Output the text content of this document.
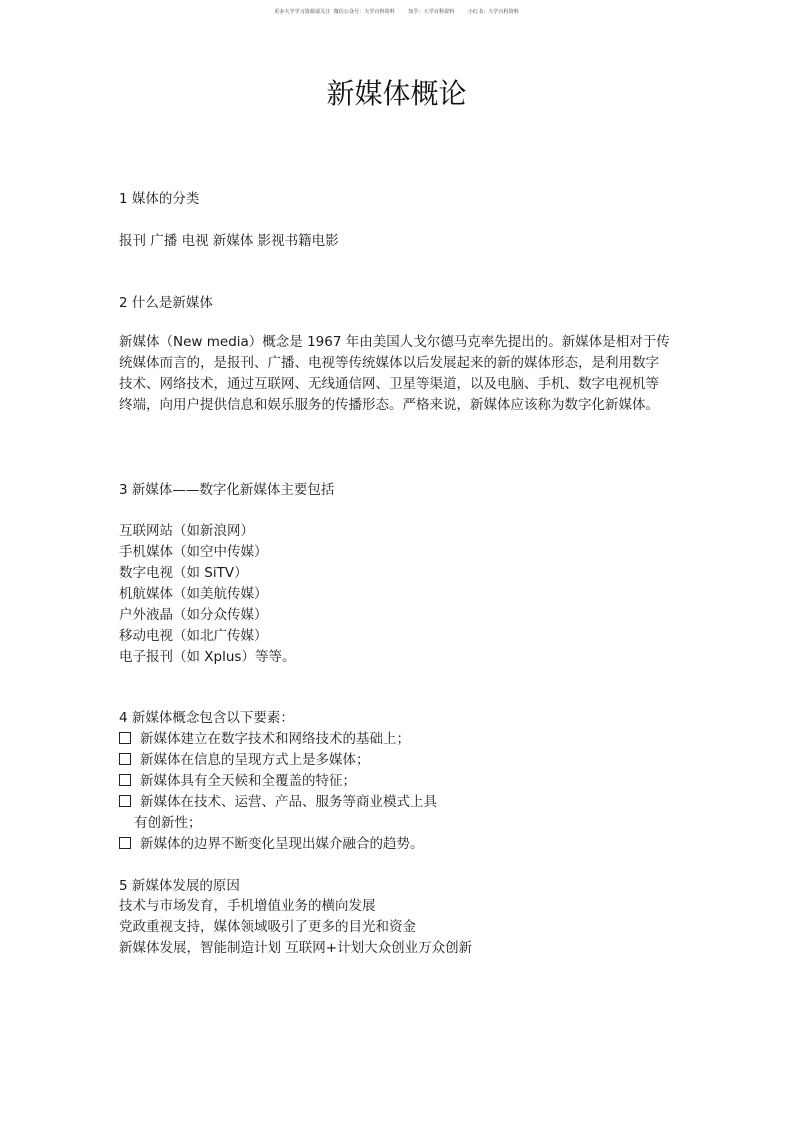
更多大学学习资源请关注  微信公众号：大学百科资料        知乎：大学百科资料        小红书：大学百科资料
新媒体概论
1 媒体的分类
报刊 广播 电视 新媒体 影视书籍电影
2 什么是新媒体
新媒体（New media）概念是 1967 年由美国人戈尔德马克率先提出的。新媒体是相对于传
统媒体而言的，是报刊、广播、电视等传统媒体以后发展起来的新的媒体形态，是利用数字
技术、网络技术，通过互联网、无线通信网、卫星等渠道，以及电脑、手机、数字电视机等
终端，向用户提供信息和娱乐服务的传播形态。严格来说，新媒体应该称为数字化新媒体。
3 新媒体——数字化新媒体主要包括
互联网站（如新浪网）
手机媒体（如空中传媒）
数字电视（如 SiTV）
机航媒体（如美航传媒）
户外液晶（如分众传媒）
移动电视（如北广传媒）
电子报刊（如 Xplus）等等。
4 新媒体概念包含以下要素：
新媒体建立在数字技术和网络技术的基础上；
新媒体在信息的呈现方式上是多媒体；
新媒体具有全天候和全覆盖的特征；
新媒体在技术、运营、产品、服务等商业模式上具
有创新性；
新媒体的边界不断变化呈现出媒介融合的趋势。
5 新媒体发展的原因
技术与市场发育，手机增值业务的横向发展
党政重视支持，媒体领域吸引了更多的目光和资金
新媒体发展，智能制造计划 互联网+计划大众创业万众创新
